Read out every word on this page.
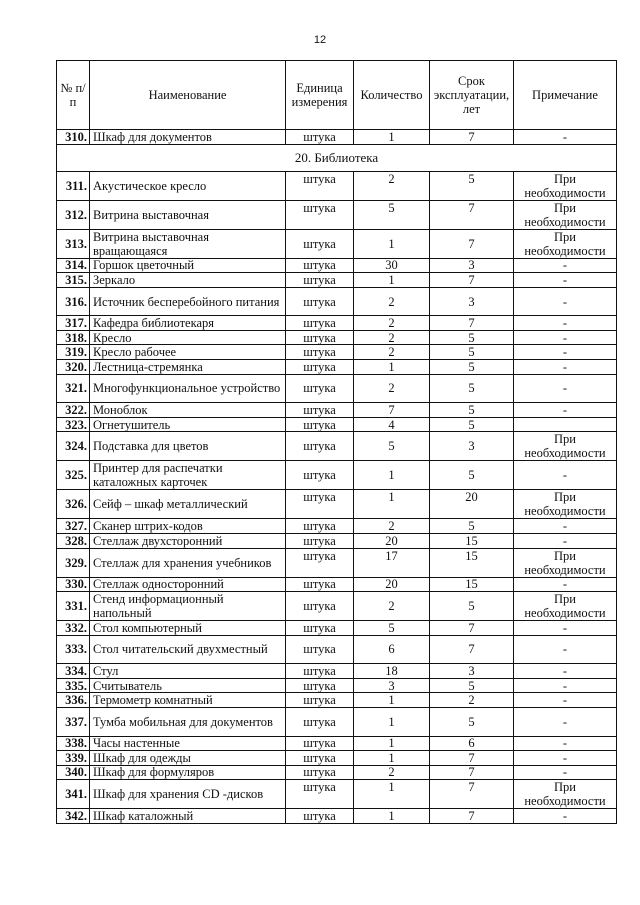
12
№ п/п	Наименование	Единица измерения	Количество	Срок эксплуатации, лет	Примечание
310.	Шкаф для документов	штука	1	7	-
20. Библиотека					
311.	Акустическое кресло	штука	2	5	При необходимости
312.	Витрина выставочная	штука	5	7	При необходимости
313.	Витрина выставочная вращающаяся	штука	1	7	При необходимости
314.	Горшок цветочный	штука	30	3	-
315.	Зеркало	штука	1	7	-
316.	Источник бесперебойного питания	штука	2	3	-
317.	Кафедра библиотекаря	штука	2	7	-
318.	Кресло	штука	2	5	-
319.	Кресло рабочее	штука	2	5	-
320.	Лестница-стремянка	штука	1	5	-
321.	Многофункциональное устройство	штука	2	5	-
322.	Моноблок	штука	7	5	-
323.	Огнетушитель	штука	4	5	
324.	Подставка для цветов	штука	5	3	При необходимости
325.	Принтер для распечатки каталожных карточек	штука	1	5	-
326.	Сейф – шкаф металлический	штука	1	20	При необходимости
327.	Сканер штрих-кодов	штука	2	5	-
328.	Стеллаж двухсторонний	штука	20	15	-
329.	Стеллаж для хранения учебников	штука	17	15	При необходимости
330.	Стеллаж односторонний	штука	20	15	-
331.	Стенд информационный напольный	штука	2	5	При необходимости
332.	Стол компьютерный	штука	5	7	-
333.	Стол читательский двухместный	штука	6	7	-
334.	Стул	штука	18	3	-
335.	Считыватель	штука	3	5	-
336.	Термометр комнатный	штука	1	2	-
337.	Тумба мобильная для документов	штука	1	5	-
338.	Часы настенные	штука	1	6	-
339.	Шкаф для одежды	штука	1	7	-
340.	Шкаф для формуляров	штука	2	7	-
341.	Шкаф для хранения CD -дисков	штука	1	7	При необходимости
342.	Шкаф каталожный	штука	1	7	-
